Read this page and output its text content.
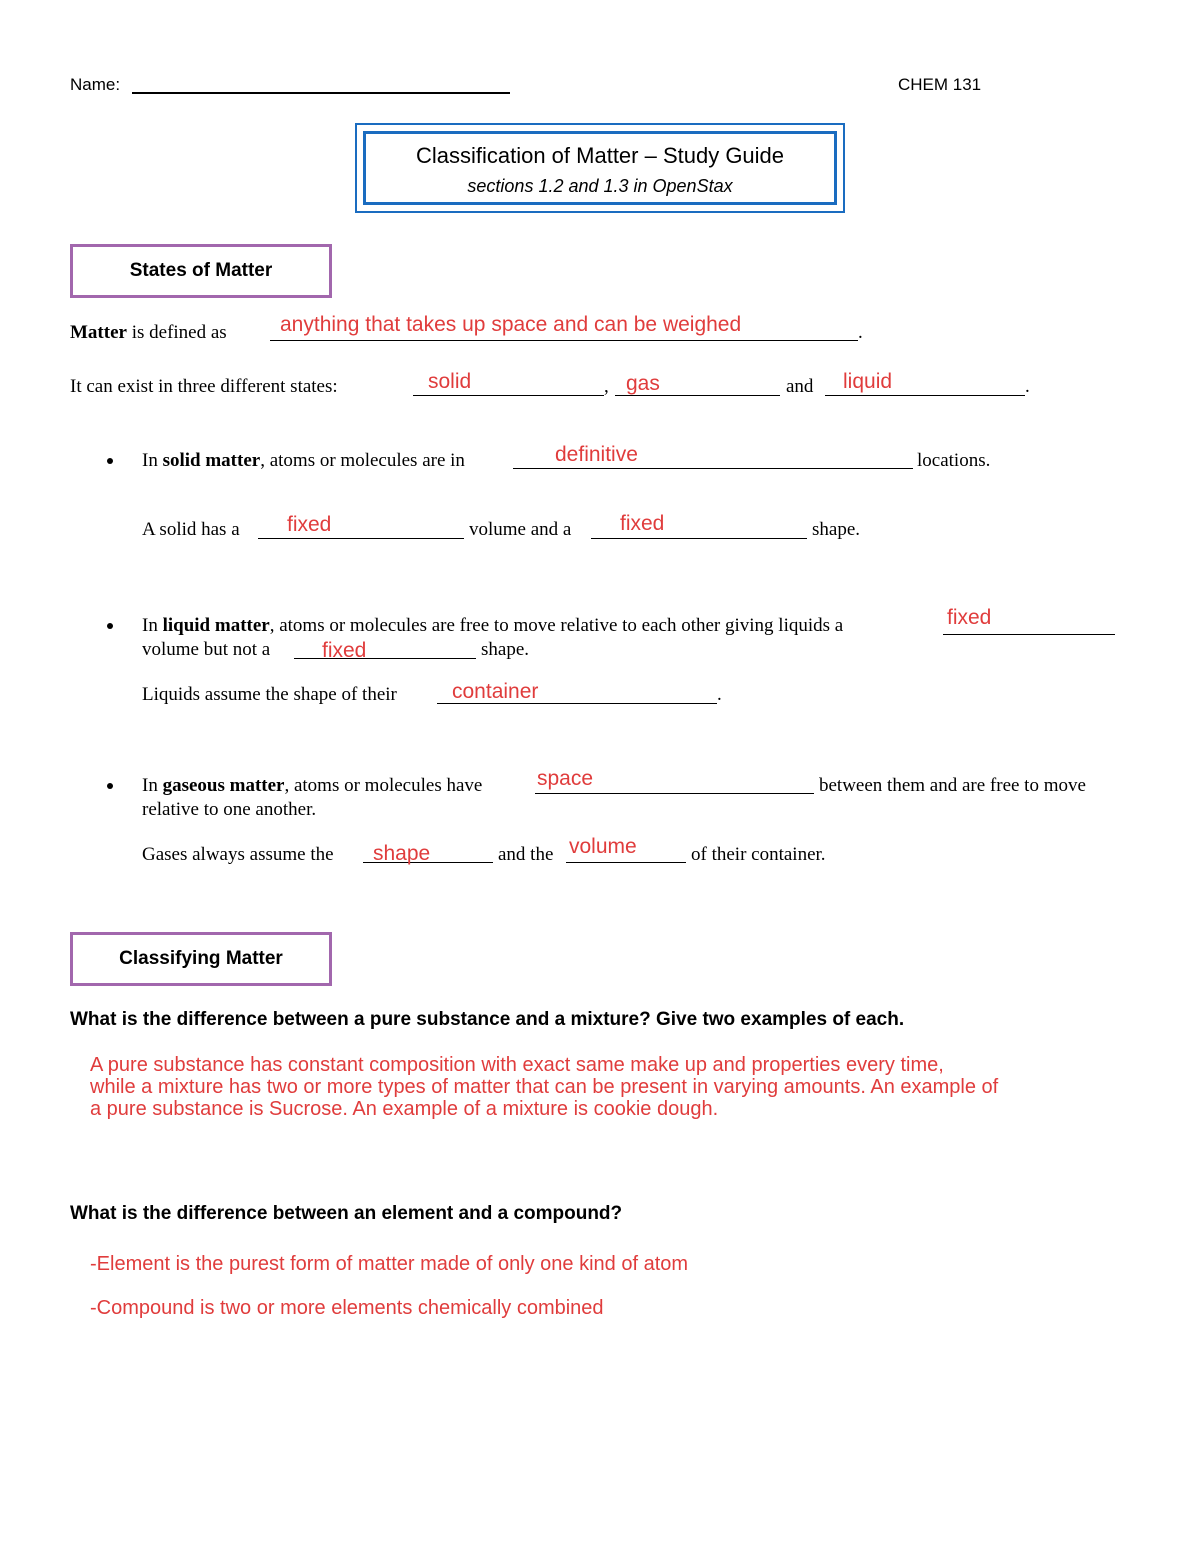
Name:	CHEM 131
Classification of Matter – Study Guide
sections 1.2 and 1.3 in OpenStax
States of Matter
Matter is defined as	.
anything that takes up space and can be weighed
It can exist in three different states:	,	and	.
solid	gas	liquid
In solid matter, atoms or molecules are in	locations.
definitive
A solid has a	volume and a	shape.
fixed	fixed
In liquid matter, atoms or molecules are free to move relative to each other giving liquids a	fixed
volume but not a	shape.
fixed
Liquids assume the shape of their	.
container
In gaseous matter, atoms or molecules have	between them and are free to move
space
relative to one another.
Gases always assume the	and the	of their container.
shape	volume
Classifying Matter
What is the difference between a pure substance and a mixture? Give two examples of each.
A pure substance has constant composition with exact same make up and properties every time,
while a mixture has two or more types of matter that can be present in varying amounts. An example of
a pure substance is Sucrose. An example of a mixture is cookie dough.
What is the difference between an element and a compound?
-Element is the purest form of matter made of only one kind of atom
-Compound is two or more elements chemically combined
